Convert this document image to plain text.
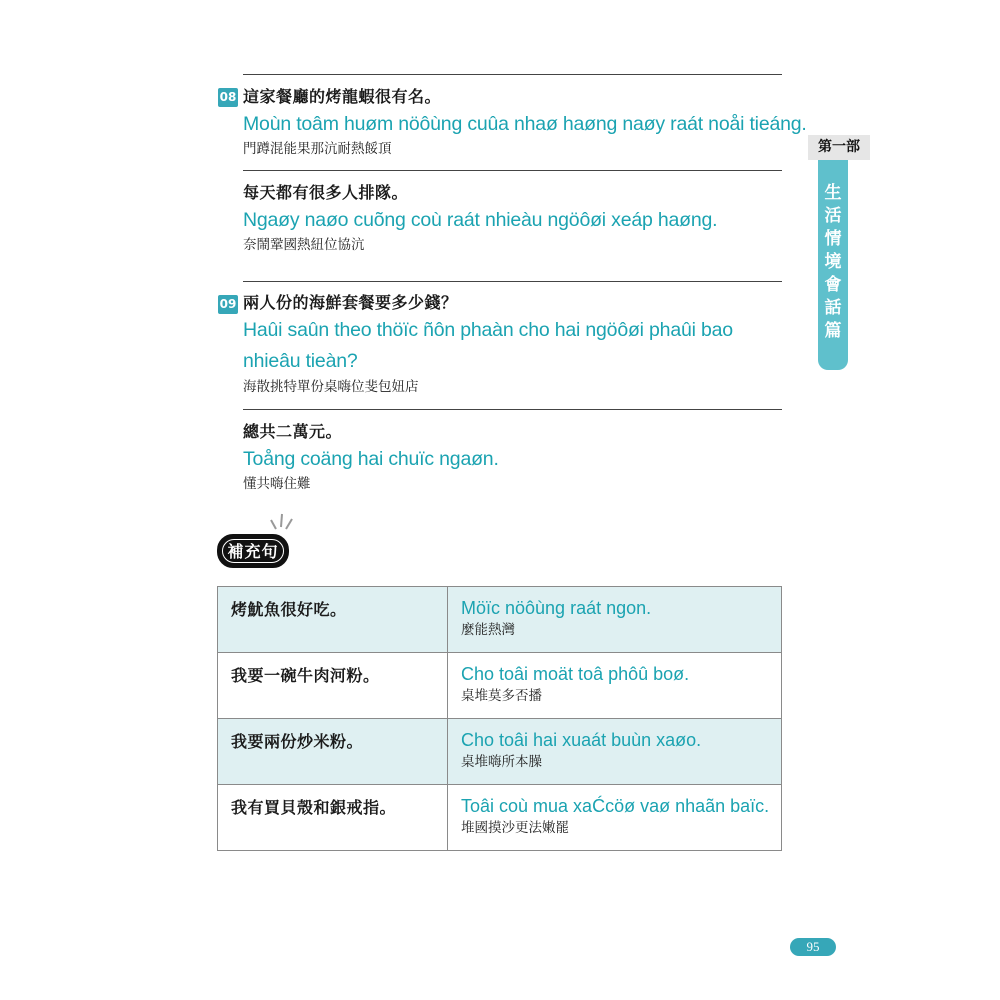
08 這家餐廳的烤龍蝦很有名。
Moùn toâm huøm nöôùng cuûa nhaø haøng naøy raát noåi tieáng.
門蹲混能果那沆耐熱餒頂
每天都有很多人排隊。
Ngaøy naøo cuõng coù raát nhieàu ngöôøi xeáp haøng.
奈鬧鞏國熱紐位協沆
09 兩人份的海鮮套餐要多少錢？
Haûi saûn theo thöïc ñôn phaàn cho hai ngöôøi phaûi bao nhieâu tieàn?
海散挑特單份桌嗨位斐包妞店
總共二萬元。
Toång coäng hai chuïc ngaøn.
懂共嗨住難
第一部
生活情境會話篇
補充句
烤魷魚很好吃。	Möïc nöôùng raát ngon.
麼能熱灣

我要一碗牛肉河粉。	Cho toâi moät toâ phôû boø.
桌堆莫多否播

我要兩份炒米粉。	Cho toâi hai xuaát buùn xaøo.
桌堆嗨所本臊

我有買貝殼和銀戒指。	Toâi coù mua xaĆcöø vaø nhaãn baïc.
堆國摸沙更法嫩罷
95
